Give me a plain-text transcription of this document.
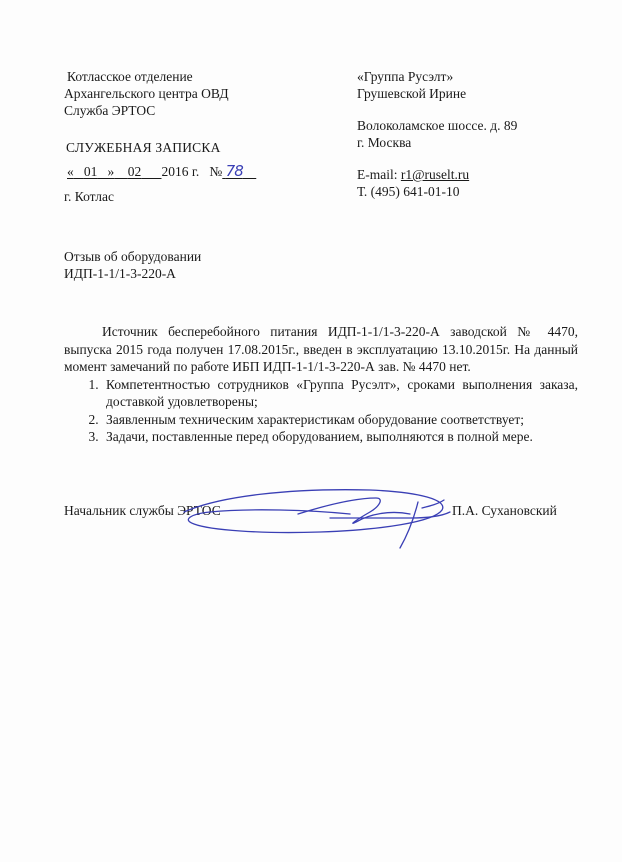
Котласское отделение
Архангельского центра ОВД
Служба ЭРТОС
«Группа Русэлт»
Грушевской Ирине
Волоколамское шоссе. д. 89
г. Москва
E-mail: r1@ruselt.ru
Т. (495) 641-01-10
СЛУЖЕБНАЯ ЗАПИСКА
« 01 » 02 2016 г. № 78
г. Котлас
Отзыв об оборудовании
ИДП-1-1/1-3-220-А

Источник бесперебойного питания ИДП-1-1/1-3-220-А заводской № 4470, выпуска 2015 года получен 17.08.2015г., введен в эксплуатацию 13.10.2015г. На данный момент замечаний по работе ИБП ИДП-1-1/1-3-220-А зав. № 4470 нет.

1. Компетентностью сотрудников «Группа Русэлт», сроками выполнения заказа, доставкой удовлетворены;
2. Заявленным техническим характеристикам оборудование соответствует;
3. Задачи, поставленные перед оборудованием, выполняются в полной мере.
Начальник службы ЭРТОС	П.А. Сухановский
